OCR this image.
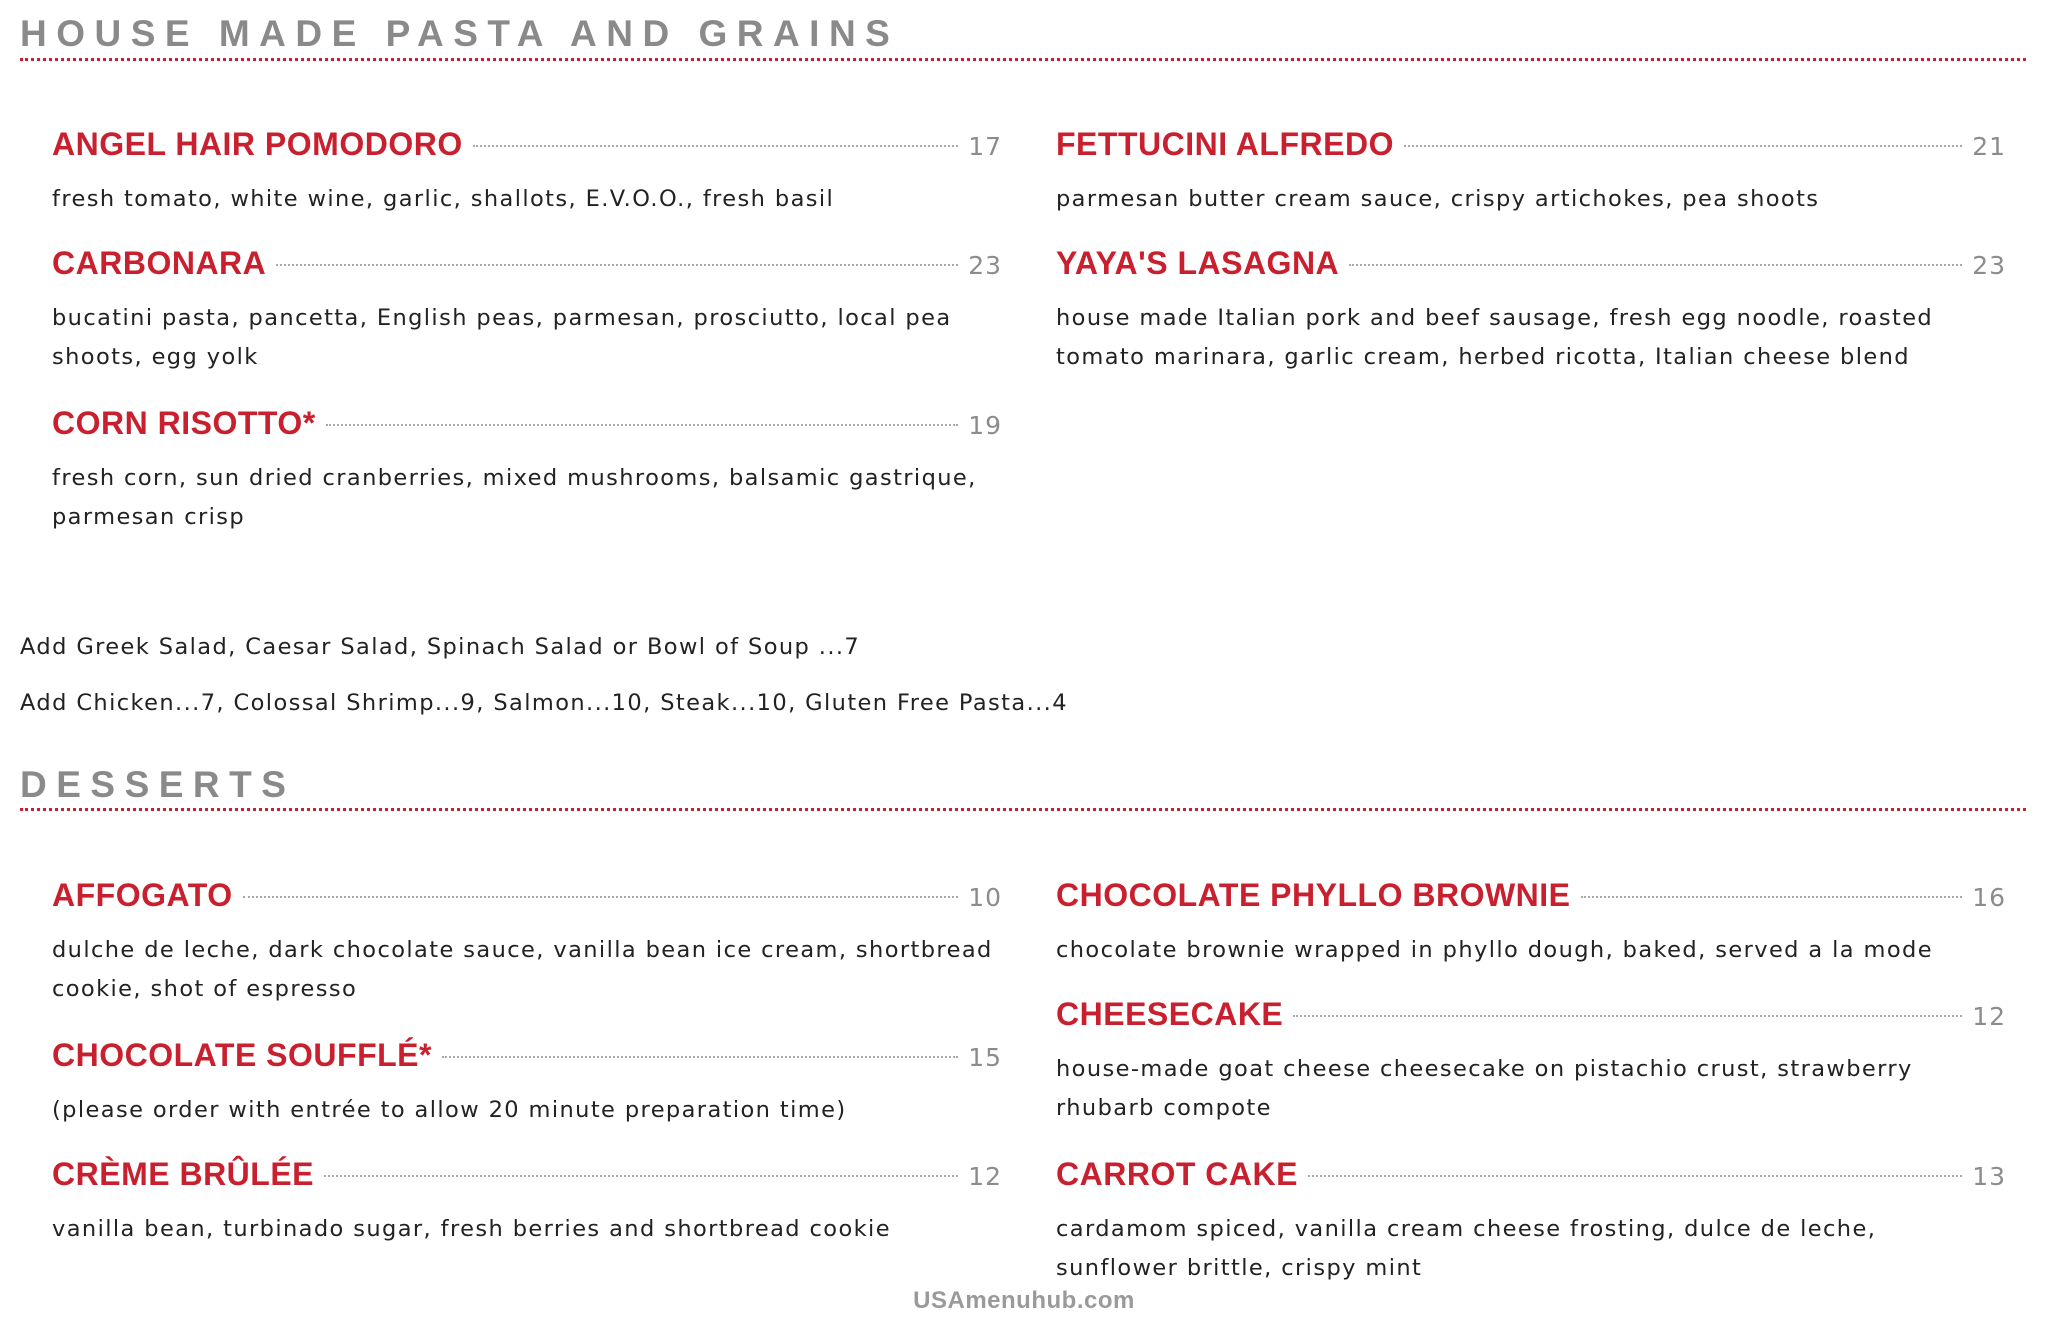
HOUSE MADE PASTA AND GRAINS
ANGEL HAIR POMODORO	17

fresh tomato, white wine, garlic, shallots, E.V.O.O., fresh basil

CARBONARA	23

bucatini pasta, pancetta, English peas, parmesan, prosciutto, local pea shoots, egg yolk

CORN RISOTTO*	19

fresh corn, sun dried cranberries, mixed mushrooms, balsamic gastrique, parmesan crisp

FETTUCINI ALFREDO	21

parmesan butter cream sauce, crispy artichokes, pea shoots

YAYA'S LASAGNA	23

house made Italian pork and beef sausage, fresh egg noodle, roasted tomato marinara, garlic cream, herbed ricotta, Italian cheese blend

Add Greek Salad, Caesar Salad, Spinach Salad or Bowl of Soup ...7

Add Chicken...7, Colossal Shrimp...9, Salmon...10, Steak...10, Gluten Free Pasta...4

DESSERTS
AFFOGATO	10

dulche de leche, dark chocolate sauce, vanilla bean ice cream, shortbread cookie, shot of espresso

CHOCOLATE SOUFFLÉ*	15

(please order with entrée to allow 20 minute preparation time)

CRÈME BRÛLÉE	12

vanilla bean, turbinado sugar, fresh berries and shortbread cookie

CHOCOLATE PHYLLO BROWNIE	16

chocolate brownie wrapped in phyllo dough, baked, served a la mode

CHEESECAKE	12

house-made goat cheese cheesecake on pistachio crust, strawberry rhubarb compote

CARROT CAKE	13

cardamom spiced, vanilla cream cheese frosting, dulce de leche, sunflower brittle, crispy mint

USAmenuhub.com
